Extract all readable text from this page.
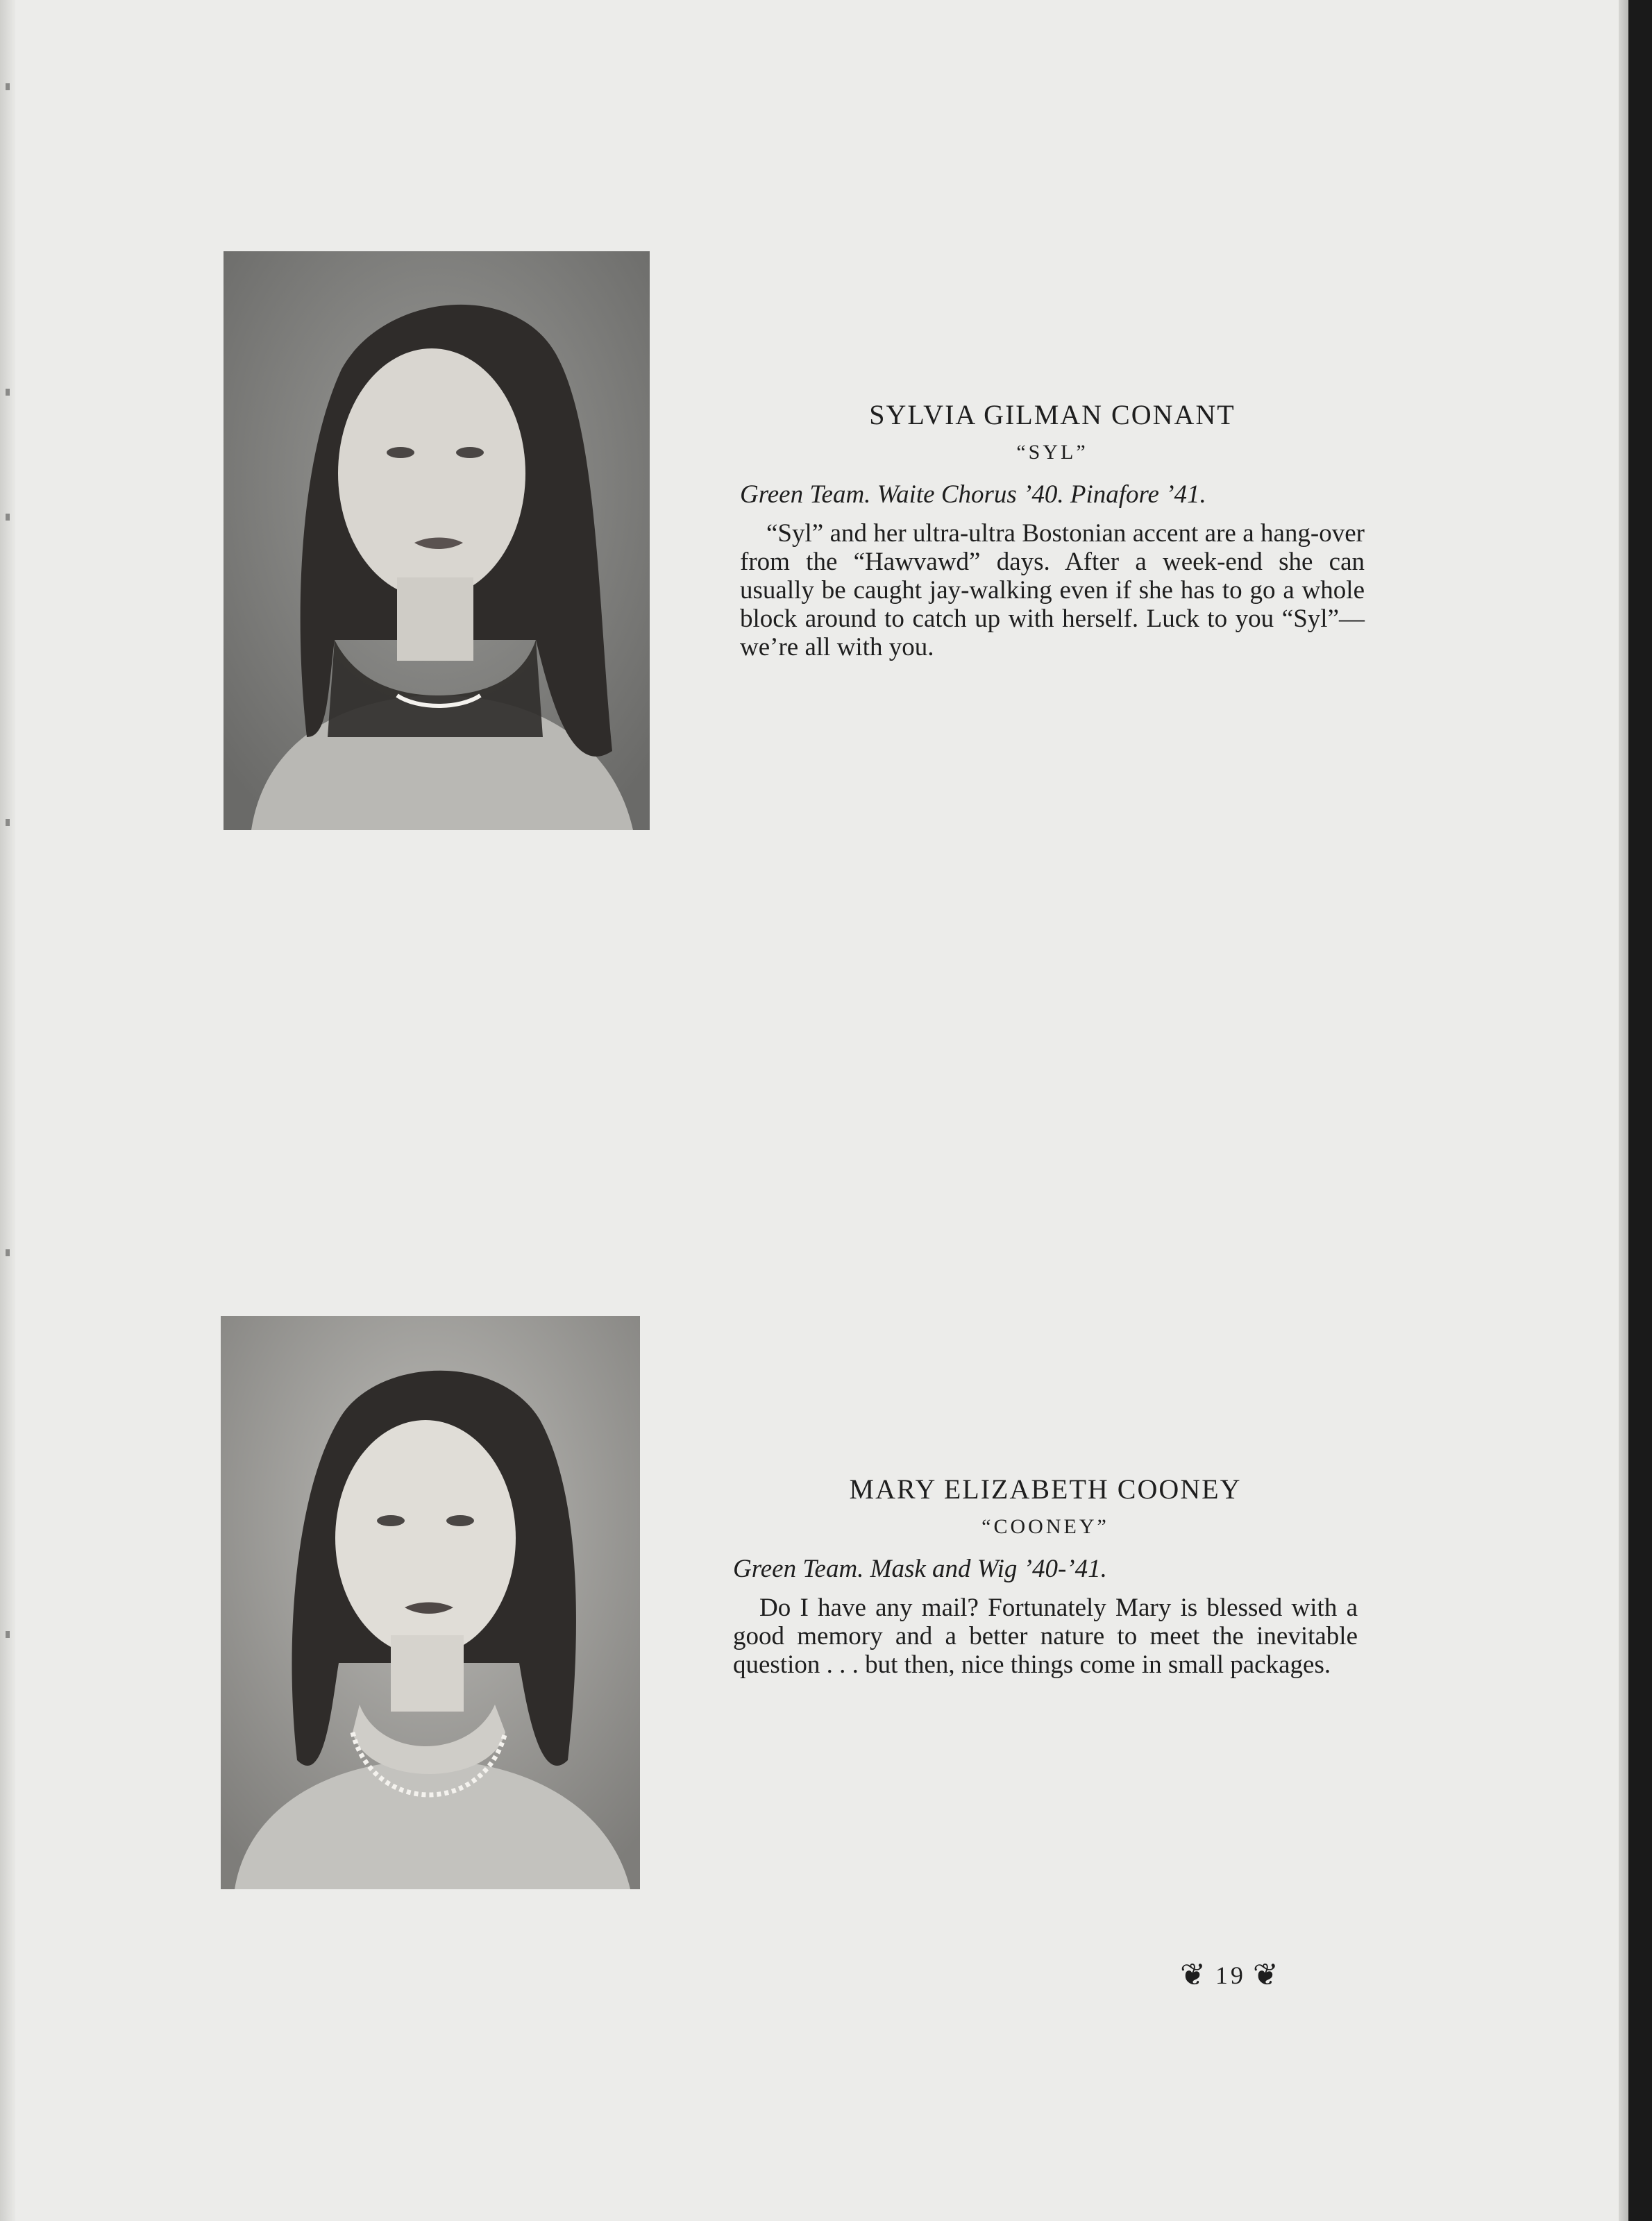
SYLVIA GILMAN CONANT

“SYL”

Green Team. Waite Chorus ’40. Pinafore ’41.

“Syl” and her ultra-ultra Bostonian accent are a hang-over from the “Hawvawd” days. After a week-end she can usually be caught jay-walking even if she has to go a whole block around to catch up with herself. Luck to you “Syl”— we’re all with you.

MARY ELIZABETH COONEY

“COONEY”

Green Team. Mask and Wig ’40-’41.

Do I have any mail? Fortunately Mary is blessed with a good memory and a better nature to meet the inevitable question . . . but then, nice things come in small packages.

❦ 19 ❦
